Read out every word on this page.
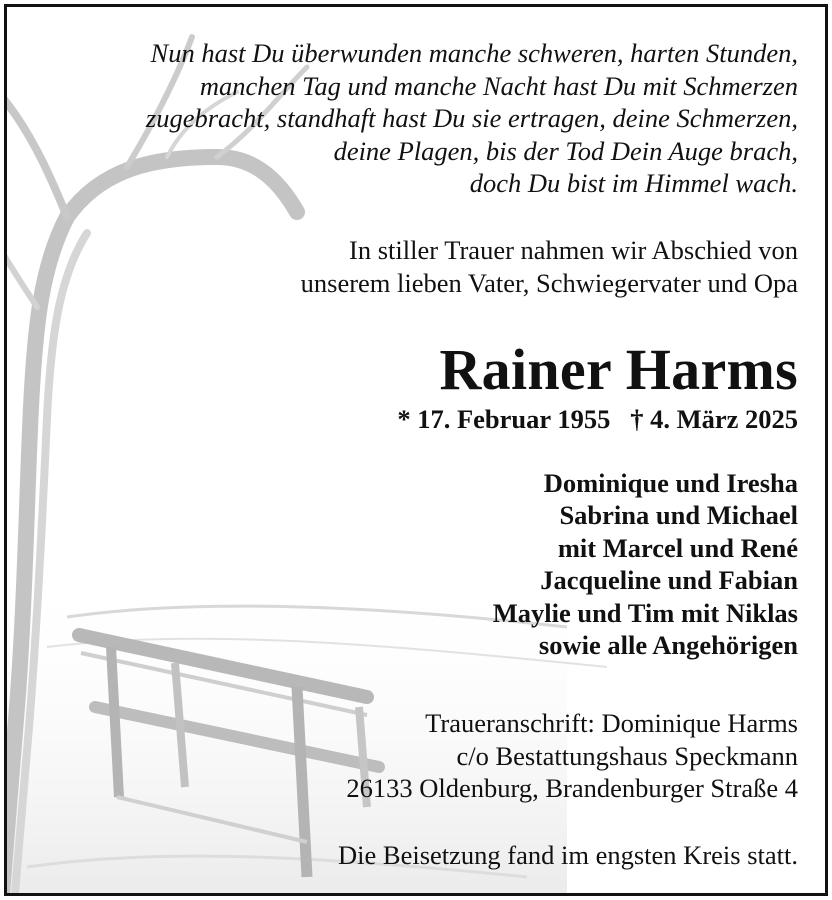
Nun hast Du überwunden manche schweren, harten Stunden,
manchen Tag und manche Nacht hast Du mit Schmerzen
zugebracht, standhaft hast Du sie ertragen, deine Schmerzen,
deine Plagen, bis der Tod Dein Auge brach,
doch Du bist im Himmel wach.
In stiller Trauer nahmen wir Abschied von
unserem lieben Vater, Schwiegervater und Opa
Rainer Harms
* 17. Februar 1955   † 4. März 2025
Dominique und Iresha
Sabrina und Michael
mit Marcel und René
Jacqueline und Fabian
Maylie und Tim mit Niklas
sowie alle Angehörigen
Traueranschrift: Dominique Harms
c/o Bestattungshaus Speckmann
26133 Oldenburg, Brandenburger Straße 4
Die Beisetzung fand im engsten Kreis statt.
